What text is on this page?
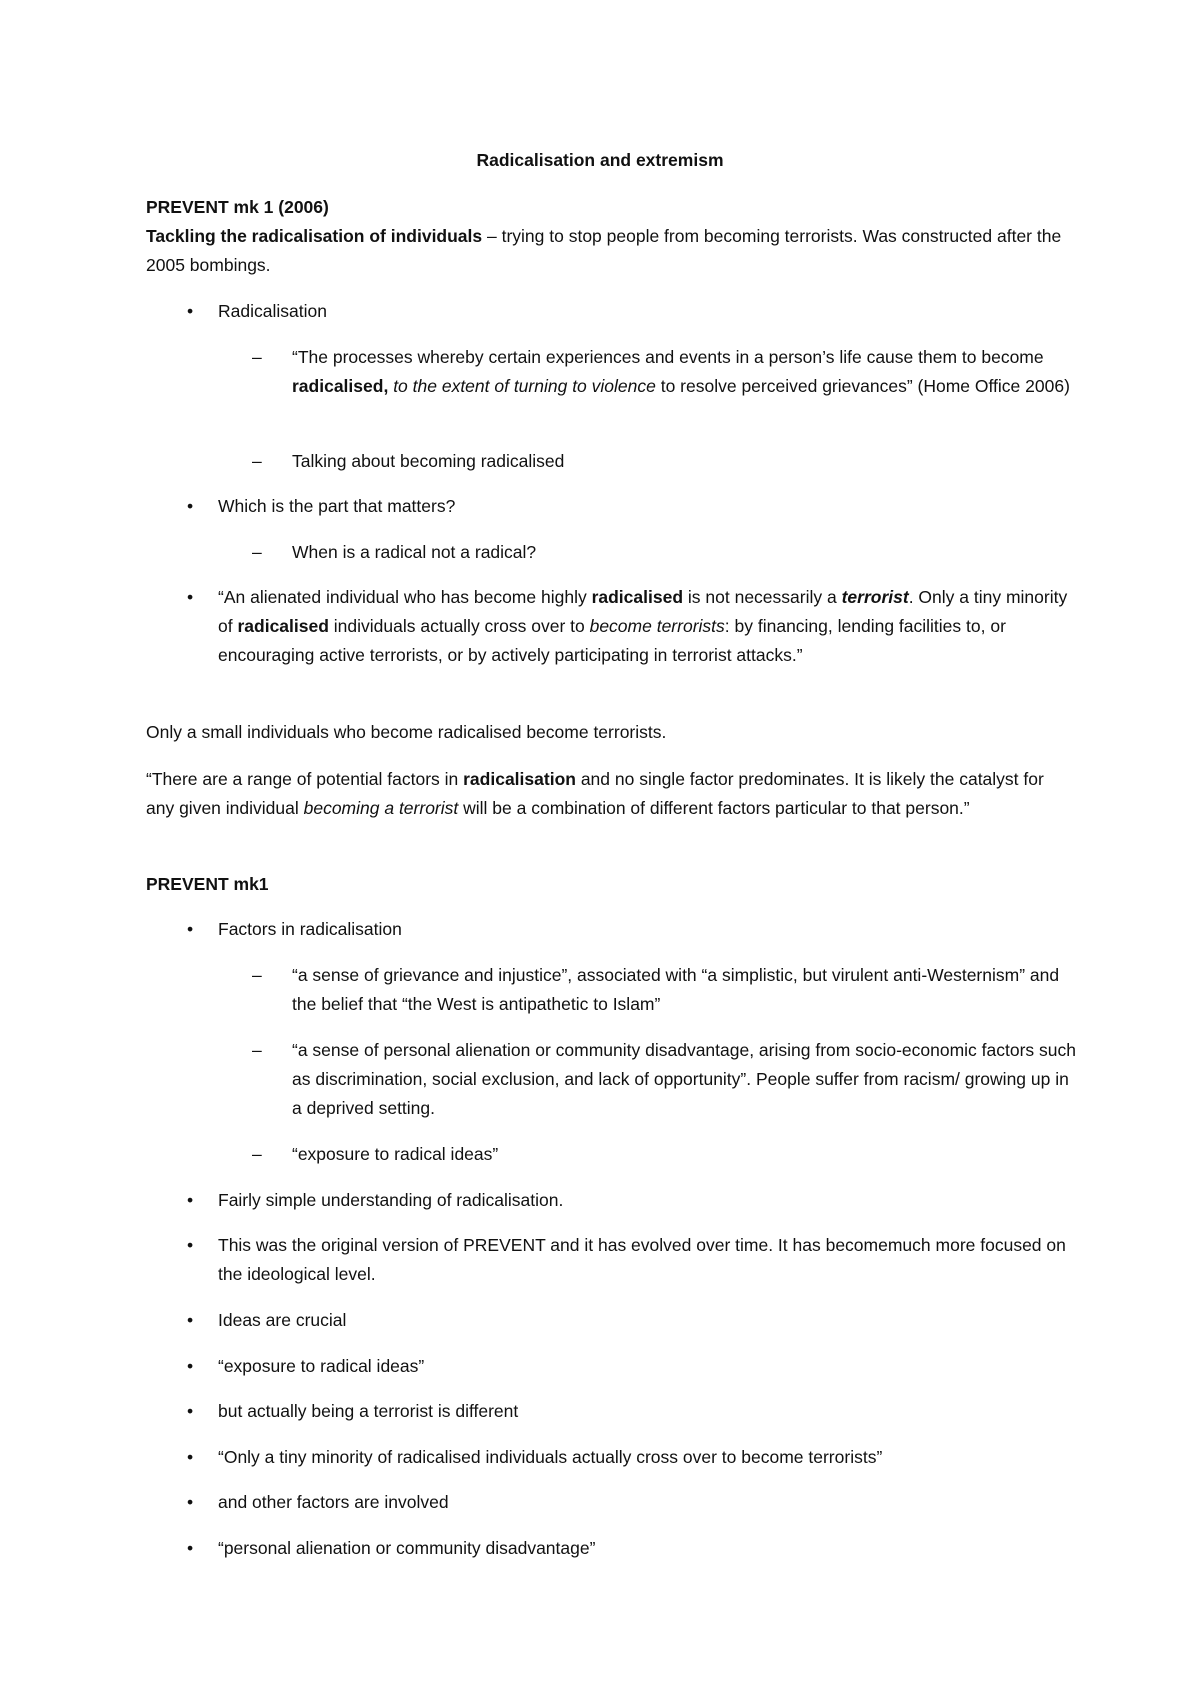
Radicalisation and extremism
PREVENT mk 1 (2006)
Tackling the radicalisation of individuals – trying to stop people from becoming terrorists. Was constructed after the 2005 bombings.
•	Radicalisation
– “The processes whereby certain experiences and events in a person’s life cause them to become radicalised, to the extent of turning to violence to resolve perceived grievances” (Home Office 2006)
– Talking about becoming radicalised
•	Which is the part that matters?
– When is a radical not a radical?
•	“An alienated individual who has become highly radicalised is not necessarily a terrorist. Only a tiny minority of radicalised individuals actually cross over to become terrorists: by financing, lending facilities to, or encouraging active terrorists, or by actively participating in terrorist attacks.”
Only a small individuals who become radicalised become terrorists.
“There are a range of potential factors in radicalisation and no single factor predominates. It is likely the catalyst for any given individual becoming a terrorist will be a combination of different factors particular to that person.”
PREVENT mk1
•	Factors in radicalisation
– “a sense of grievance and injustice”, associated with “a simplistic, but virulent anti-Westernism” and the belief that “the West is antipathetic to Islam”
– “a sense of personal alienation or community disadvantage, arising from socio-economic factors such as discrimination, social exclusion, and lack of opportunity”. People suffer from racism/ growing up in a deprived setting.
– “exposure to radical ideas”
•	Fairly simple understanding of radicalisation.
•	This was the original version of PREVENT and it has evolved over time. It has becomemuch more focused on the ideological level.
•	Ideas are crucial
•	“exposure to radical ideas”
•	but actually being a terrorist is different
•	“Only a tiny minority of radicalised individuals actually cross over to become terrorists”
•	and other factors are involved
•	“personal alienation or community disadvantage”
